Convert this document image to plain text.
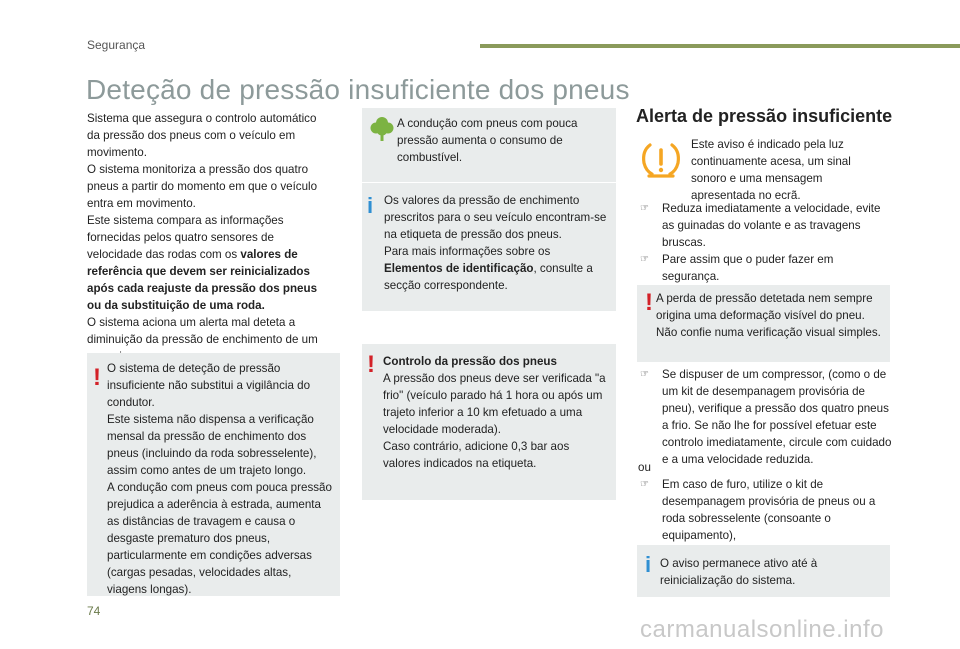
Segurança
Deteção de pressão insuficiente dos pneus

Sistema que assegura o controlo automático da pressão dos pneus com o veículo em movimento.

O sistema monitoriza a pressão dos quatro pneus a partir do momento em que o veículo entra em movimento.

Este sistema compara as informações fornecidas pelos quatro sensores de velocidade das rodas com os valores de referência que devem ser reinicializados após cada reajuste da pressão dos pneus ou da substituição de uma roda.

O sistema aciona um alerta mal deteta a diminuição da pressão de enchimento de um

! O sistema de deteção de pressão insuficiente não substitui a vigilância do condutor.

Este sistema não dispensa a verificação mensal da pressão de enchimento dos pneus (incluindo da roda sobresselente), assim como antes de um trajeto longo.

A condução com pneus com pouca pressão prejudica a aderência à estrada, aumenta as distâncias de travagem e causa o desgaste prematuro dos pneus, particularmente em condições adversas (cargas pesadas, velocidades altas, viagens longas).

A condução com pneus com pouca pressão aumenta o consumo de combustível.
i Os valores da pressão de enchimento prescritos para o seu veículo encontram-se na etiqueta de pressão dos pneus.

Para mais informações sobre os Elementos de identificação, consulte a secção correspondente.

! Controlo da pressão dos pneus

A pressão dos pneus deve ser verificada "a frio" (veículo parado há 1 hora ou após um trajeto inferior a 10 km efetuado a uma velocidade moderada).

Caso contrário, adicione 0,3 bar aos valores indicados na etiqueta.

Alerta de pressão insuficiente
Este aviso é indicado pela luz continuamente acesa, um sinal sonoro e uma mensagem apresentada no ecrã.
☞ Reduza imediatamente a velocidade, evite as guinadas do volante e as travagens bruscas.
☞ Pare assim que o puder fazer em segurança.
! A perda de pressão detetada nem sempre origina uma deformação visível do pneu. Não confie numa verificação visual simples.
☞ Se dispuser de um compressor, (como o de um kit de desempanagem provisória de pneu), verifique a pressão dos quatro pneus a frio. Se não lhe for possível efetuar este controlo imediatamente, circule com cuidado e a uma velocidade reduzida.
ou
☞ Em caso de furo, utilize o kit de desempanagem provisória de pneus ou a roda sobresselente (consoante o equipamento),
i O aviso permanece ativo até à reinicialização do sistema.
74
carmanualsonline.info
